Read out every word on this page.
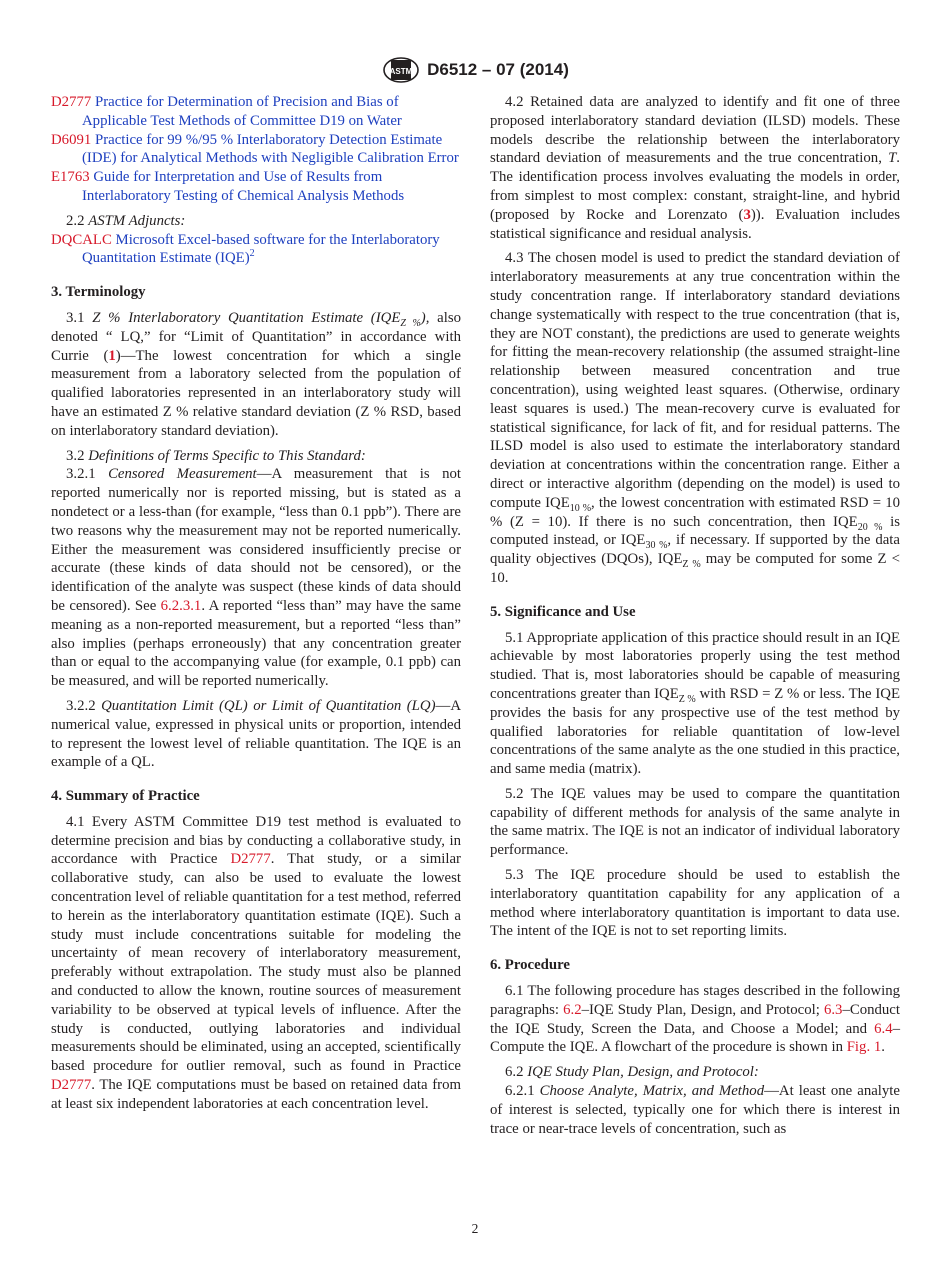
ASTM D6512 – 07 (2014)

D2777 Practice for Determination of Precision and Bias of Applicable Test Methods of Committee D19 on Water

D6091 Practice for 99 %/95 % Interlaboratory Detection Estimate (IDE) for Analytical Methods with Negligible Calibration Error

E1763 Guide for Interpretation and Use of Results from Interlaboratory Testing of Chemical Analysis Methods

2.2 ASTM Adjuncts:

DQCALC Microsoft Excel-based software for the Interlaboratory Quantitation Estimate (IQE)$^2$

3. Terminology

3.1 Z % Interlaboratory Quantitation Estimate $(IQE_{Z \%})$, also denoted “ LQ,” for “Limit of Quantitation” in accordance with Currie (1)—The lowest concentration for which a single measurement from a laboratory selected from the population of qualified laboratories represented in an interlaboratory study will have an estimated Z % relative standard deviation (Z % RSD, based on interlaboratory standard deviation).

3.2 Definitions of Terms Specific to This Standard:

3.2.1 Censored Measurement—A measurement that is not reported numerically nor is reported missing, but is stated as a nondetect or a less-than (for example, “less than 0.1 ppb”). There are two reasons why the measurement may not be reported numerically. Either the measurement was considered insufficiently precise or accurate (these kinds of data should not be censored), or the identification of the analyte was suspect (these kinds of data should be censored). See 6.2.3.1. A reported “less than” may have the same meaning as a non-reported measurement, but a reported “less than” also implies (perhaps erroneously) that any concentration greater than or equal to the accompanying value (for example, 0.1 ppb) can be measured, and will be reported numerically.

3.2.2 Quantitation Limit (QL) or Limit of Quantitation (LQ)—A numerical value, expressed in physical units or proportion, intended to represent the lowest level of reliable quantitation. The IQE is an example of a QL.

4. Summary of Practice

4.1 Every ASTM Committee D19 test method is evaluated to determine precision and bias by conducting a collaborative study, in accordance with Practice D2777. That study, or a similar collaborative study, can also be used to evaluate the lowest concentration level of reliable quantitation for a test method, referred to herein as the interlaboratory quantitation estimate (IQE). Such a study must include concentrations suitable for modeling the uncertainty of mean recovery of interlaboratory measurement, preferably without extrapolation. The study must also be planned and conducted to allow the known, routine sources of measurement variability to be observed at typical levels of influence. After the study is conducted, outlying laboratories and individual measurements should be eliminated, using an accepted, scientifically based procedure for outlier removal, such as found in Practice D2777. The IQE computations must be based on retained data from at least six independent laboratories at each concentration level.

4.2 Retained data are analyzed to identify and fit one of three proposed interlaboratory standard deviation (ILSD) models. These models describe the relationship between the interlaboratory standard deviation of measurements and the true concentration, T. The identification process involves evaluating the models in order, from simplest to most complex: constant, straight-line, and hybrid (proposed by Rocke and Lorenzato (3)). Evaluation includes statistical significance and residual analysis.

4.3 The chosen model is used to predict the standard deviation of interlaboratory measurements at any true concentration within the study concentration range. If interlaboratory standard deviations change systematically with respect to the true concentration (that is, they are NOT constant), the predictions are used to generate weights for fitting the mean-recovery relationship (the assumed straight-line relationship between measured concentration and true concentration), using weighted least squares. (Otherwise, ordinary least squares is used.) The mean-recovery curve is evaluated for statistical significance, for lack of fit, and for residual patterns. The ILSD model is also used to estimate the interlaboratory standard deviation at concentrations within the concentration range. Either a direct or interactive algorithm (depending on the model) is used to compute $IQE_{10 \%}$, the lowest concentration with estimated RSD = 10 % (Z = 10). If there is no such concentration, then $IQE_{20 \%}$ is computed instead, or $IQE_{30 \%}$, if necessary. If supported by the data quality objectives (DQOs), $IQE_{Z \%}$ may be computed for some Z < 10.

5. Significance and Use

5.1 Appropriate application of this practice should result in an IQE achievable by most laboratories properly using the test method studied. That is, most laboratories should be capable of measuring concentrations greater than $IQE_{Z \%}$ with RSD = Z % or less. The IQE provides the basis for any prospective use of the test method by qualified laboratories for reliable quantitation of low-level concentrations of the same analyte as the one studied in this practice, and same media (matrix).

5.2 The IQE values may be used to compare the quantitation capability of different methods for analysis of the same analyte in the same matrix. The IQE is not an indicator of individual laboratory performance.

5.3 The IQE procedure should be used to establish the interlaboratory quantitation capability for any application of a method where interlaboratory quantitation is important to data use. The intent of the IQE is not to set reporting limits.

6. Procedure

6.1 The following procedure has stages described in the following paragraphs: 6.2–IQE Study Plan, Design, and Protocol; 6.3–Conduct the IQE Study, Screen the Data, and Choose a Model; and 6.4–Compute the IQE. A flowchart of the procedure is shown in Fig. 1.

6.2 IQE Study Plan, Design, and Protocol:

6.2.1 Choose Analyte, Matrix, and Method—At least one analyte of interest is selected, typically one for which there is interest in trace or near-trace levels of concentration, such as

2
